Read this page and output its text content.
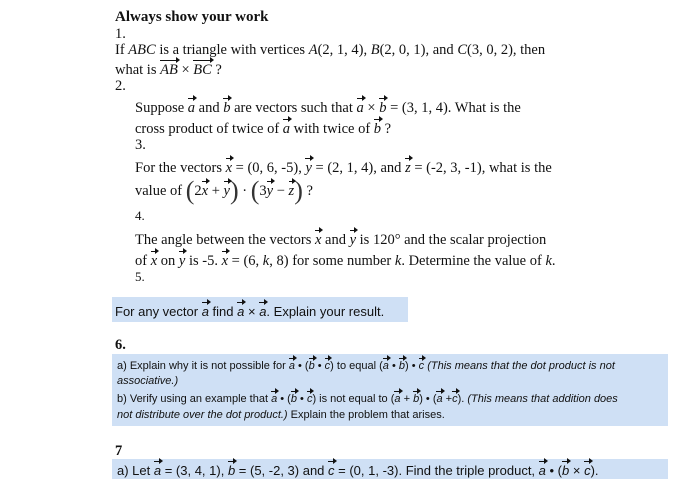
Always show your work
1.
If ABC is a triangle with vertices A(2, 1, 4), B(2, 0, 1), and C(3, 0, 2), then
what is AB × BC ?
2.
Suppose a and b are vectors such that a × b = (3, 1, 4). What is the
cross product of twice of a with twice of b ?
3.
For the vectors x = (0, 6, -5), y = (2, 1, 4), and z = (-2, 3, -1), what is the
value of (2x + y) · (3y − z) ?
4.
The angle between the vectors x and y is 120° and the scalar projection
of x on y is -5. x = (6, k, 8) for some number k. Determine the value of k.
5.
For any vector a find a × a. Explain your result.
6.
a) Explain why it is not possible for a • (b • c) to equal (a • b) • c (This means that the dot product is not
associative.)
b) Verify using an example that a • (b • c) is not equal to (a + b) • (a +c). (This means that addition does
not distribute over the dot product.) Explain the problem that arises.
7
a) Let a = (3, 4, 1), b = (5, -2, 3) and c = (0, 1, -3). Find the triple product, a • (b × c).
